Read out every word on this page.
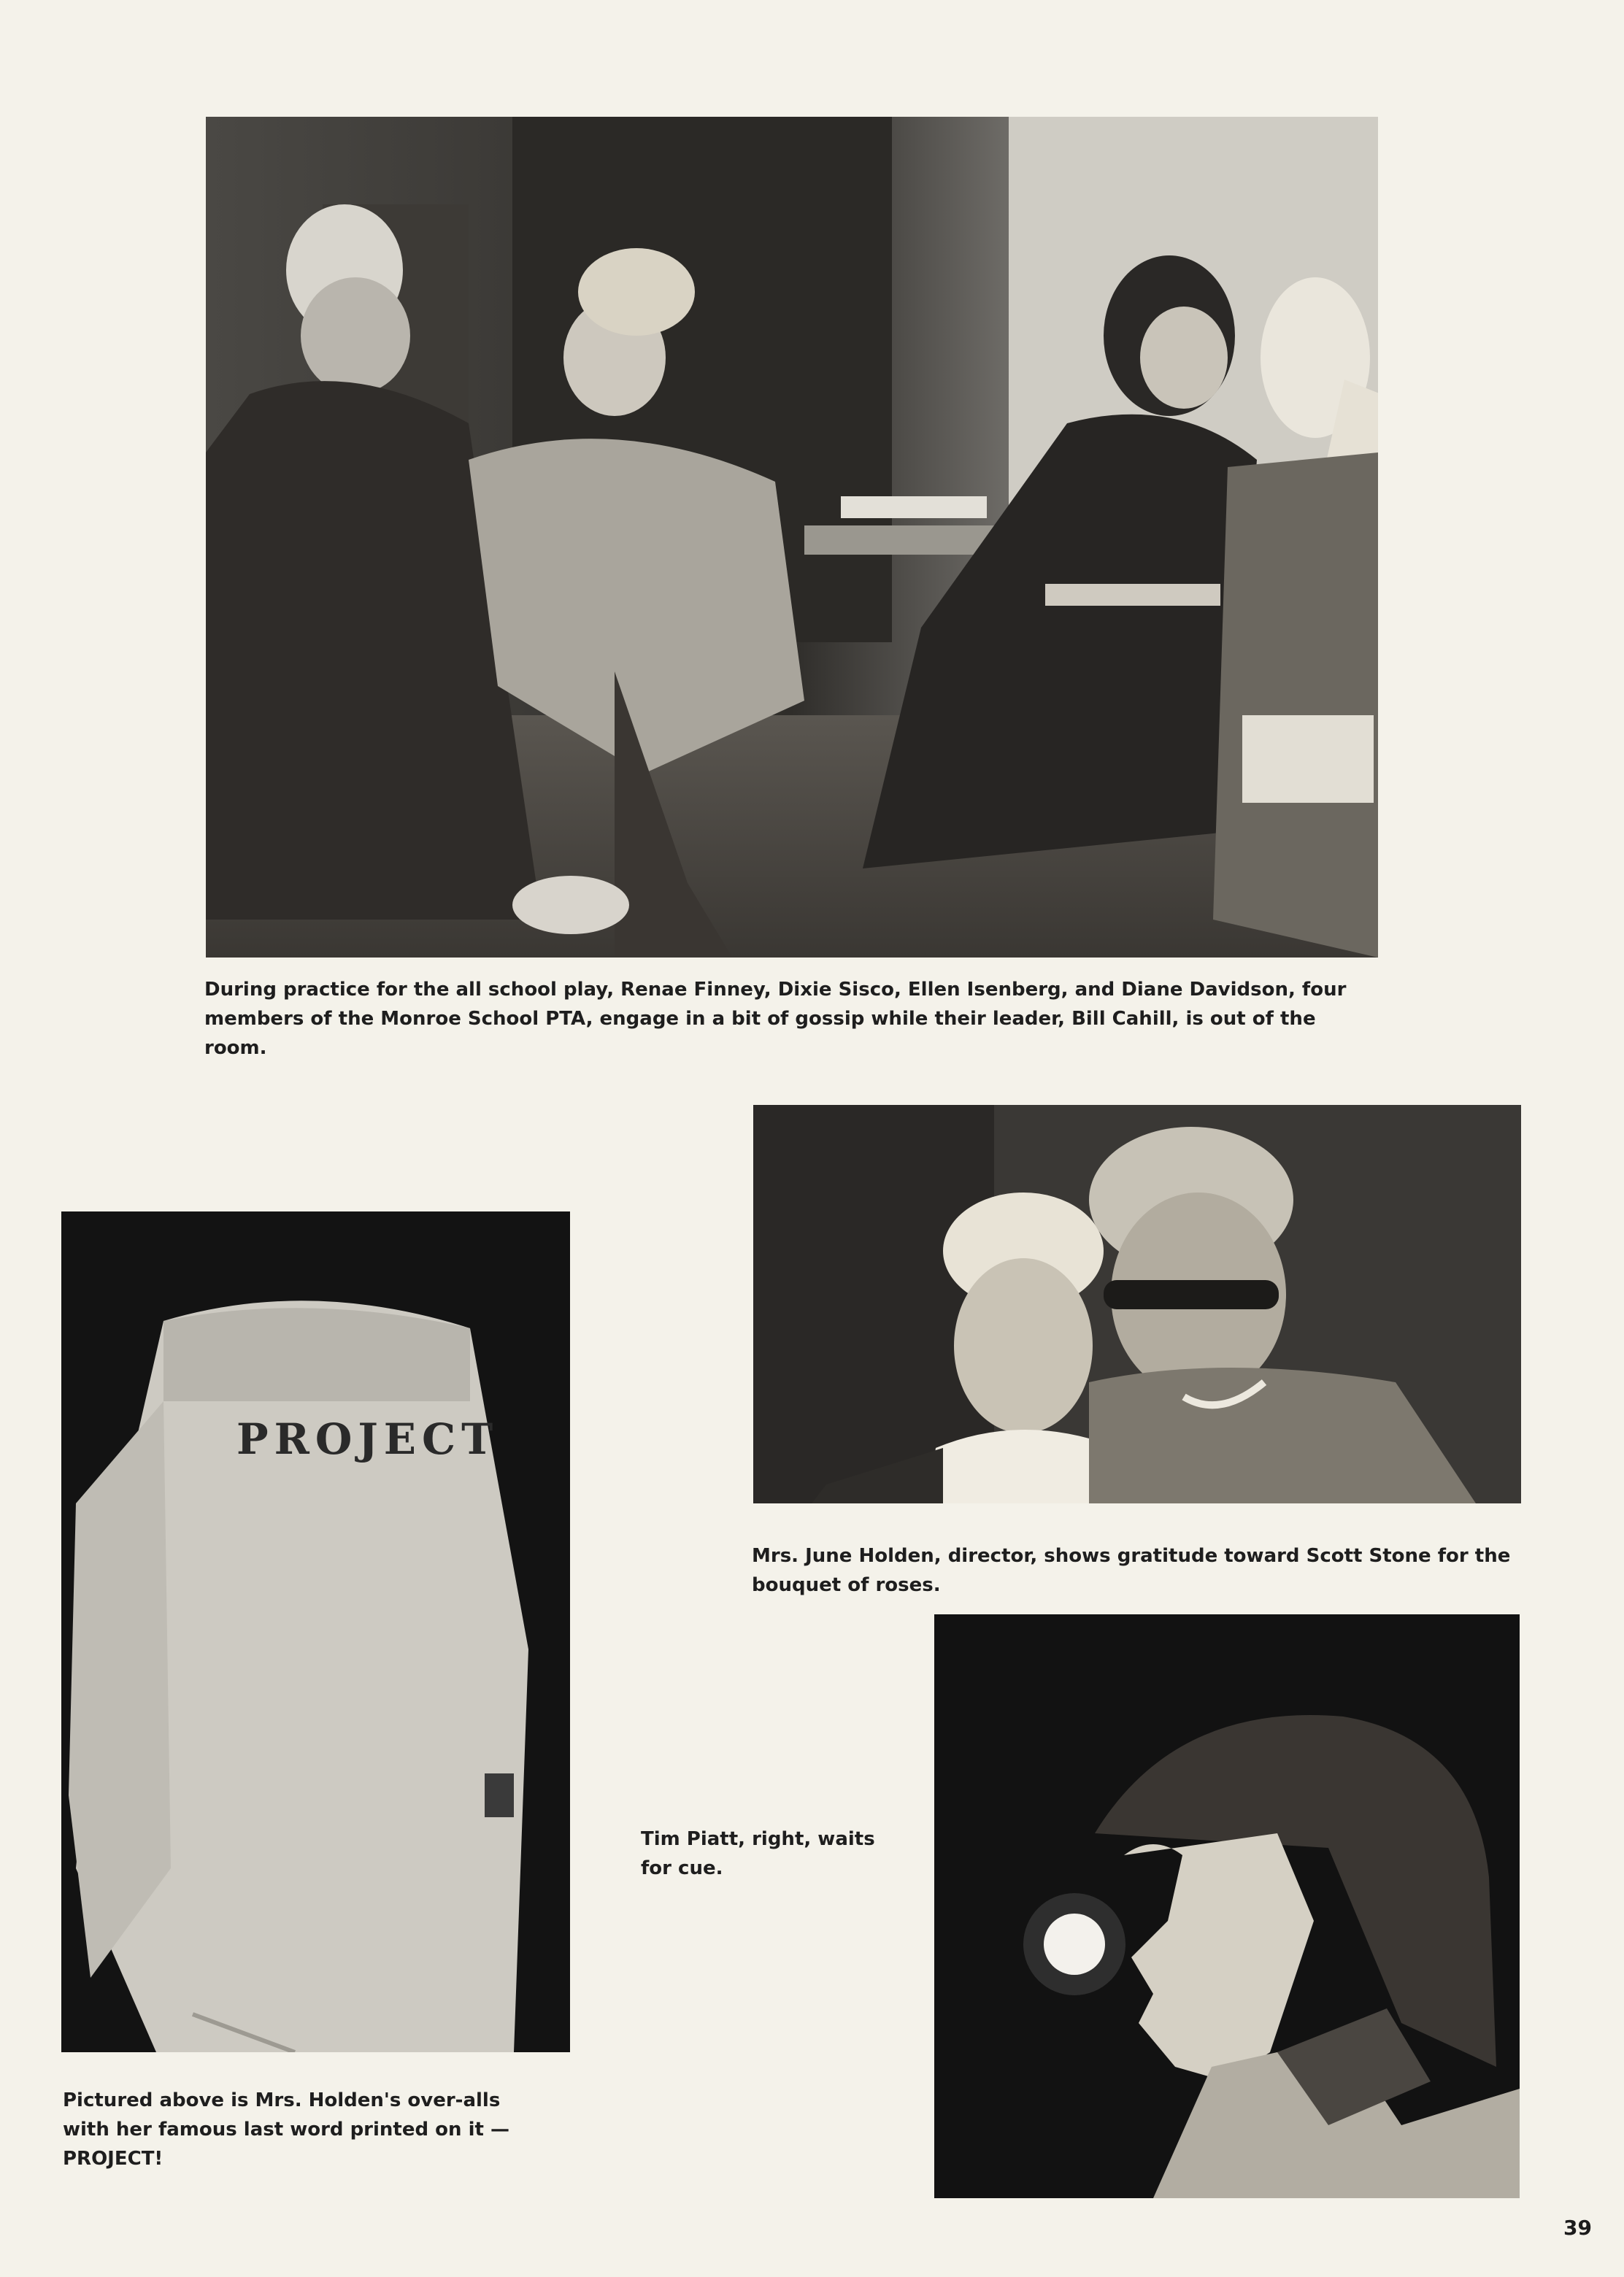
During practice for the all school play, Renae Finney, Dixie Sisco, Ellen Isenberg, and Diane Davidson, four members of the Monroe School PTA, engage in a bit of gossip while their leader, Bill Cahill, is out of the room.
Mrs. June Holden, director, shows gratitude toward Scott Stone for the bouquet of roses.
PROJECT
Pictured above is Mrs. Holden's over-alls with her famous last word printed on it — PROJECT!
Tim Piatt, right, waits for cue.
39
